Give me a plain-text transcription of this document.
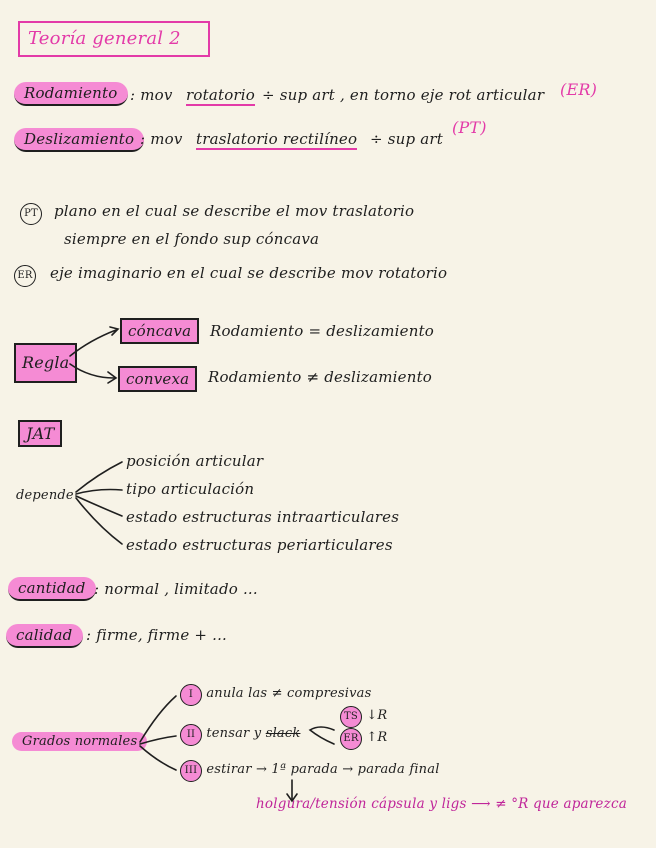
Teoría general 2
Rodamiento : mov rotatorio ÷ sup art , en torno eje rot articular (ER)
Deslizamiento : mov traslatorio rectilíneo ÷ sup art
(PT)
PT plano en el cual se describe el mov traslatorio
siempre en el fondo sup cóncava
ER eje imaginario en el cual se describe mov rotatorio
Regla
cóncava	Rodamiento = deslizamiento
convexa	Rodamiento ≠ deslizamiento
JAT
depende
posición articular
tipo articulación
estado estructuras intraarticulares
estado estructuras periarticulares
cantidad : normal , limitado ...
calidad : firme, firme + ...
Grados normales
I anula las ≠ compresivas
II tensar y slack
TS ↓R
ER ↑R
III estirar → 1ª parada → parada final
holgura/tensión cápsula y ligs ⟶ ≠ °R que aparezca
